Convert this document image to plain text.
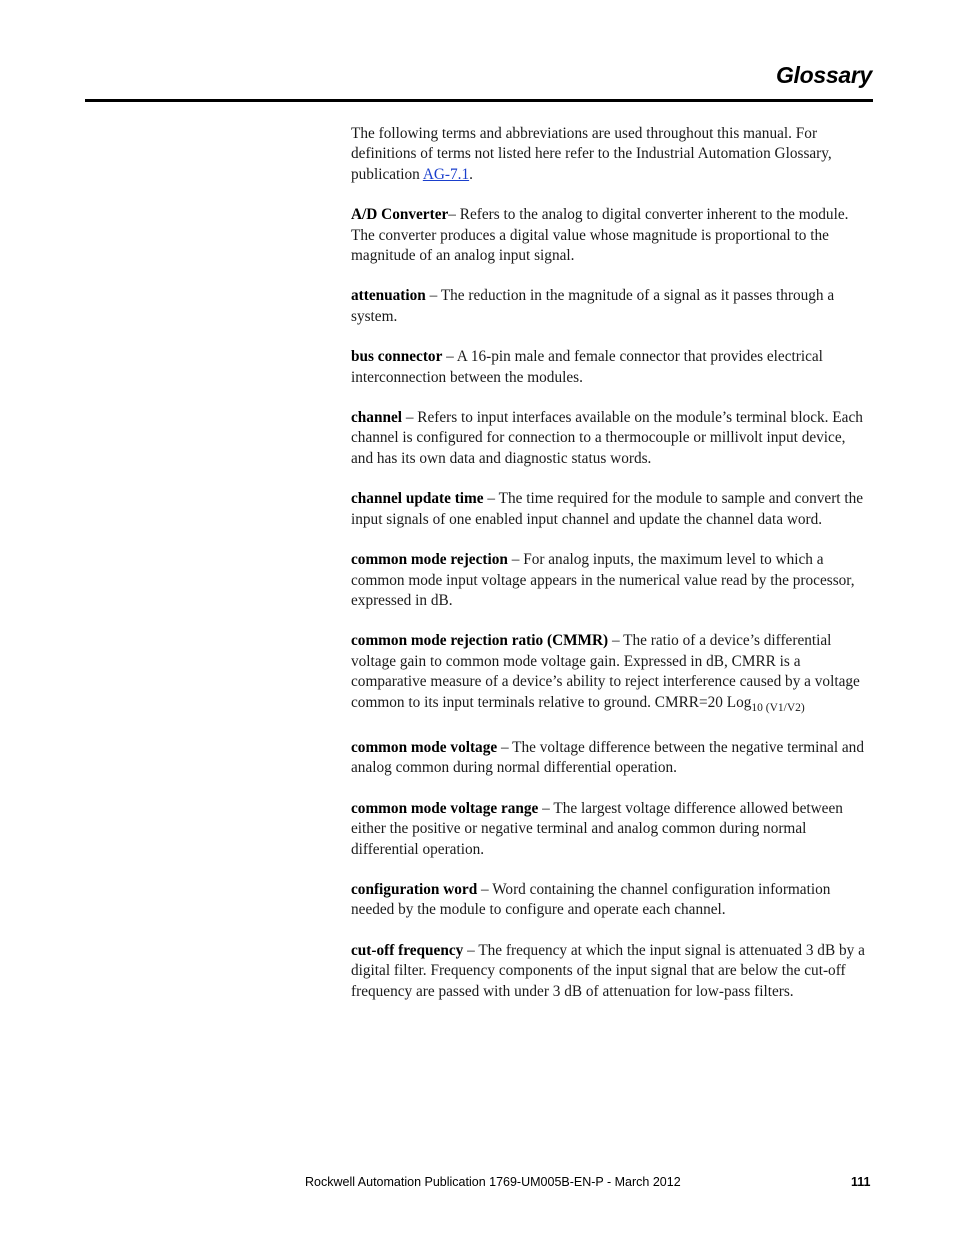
Glossary

The following terms and abbreviations are used throughout this manual. For definitions of terms not listed here refer to the Industrial Automation Glossary, publication AG-7.1.

A/D Converter– Refers to the analog to digital converter inherent to the module. The converter produces a digital value whose magnitude is proportional to the magnitude of an analog input signal.

attenuation – The reduction in the magnitude of a signal as it passes through a system.

bus connector – A 16-pin male and female connector that provides electrical interconnection between the modules.

channel – Refers to input interfaces available on the module’s terminal block. Each channel is configured for connection to a thermocouple or millivolt input device, and has its own data and diagnostic status words.

channel update time – The time required for the module to sample and convert the input signals of one enabled input channel and update the channel data word.

common mode rejection – For analog inputs, the maximum level to which a common mode input voltage appears in the numerical value read by the processor, expressed in dB.

common mode rejection ratio (CMMR) – The ratio of a device’s differential voltage gain to common mode voltage gain. Expressed in dB, CMRR is a comparative measure of a device’s ability to reject interference caused by a voltage common to its input terminals relative to ground. CMRR=20 Log$_{10 (V1/V2)}$

common mode voltage – The voltage difference between the negative terminal and analog common during normal differential operation.

common mode voltage range – The largest voltage difference allowed between either the positive or negative terminal and analog common during normal differential operation.

configuration word – Word containing the channel configuration information needed by the module to configure and operate each channel.

cut-off frequency – The frequency at which the input signal is attenuated 3 dB by a digital filter. Frequency components of the input signal that are below the cut-off frequency are passed with under 3 dB of attenuation for low-pass filters.

Rockwell Automation Publication 1769-UM005B-EN-P - March 2012	111
